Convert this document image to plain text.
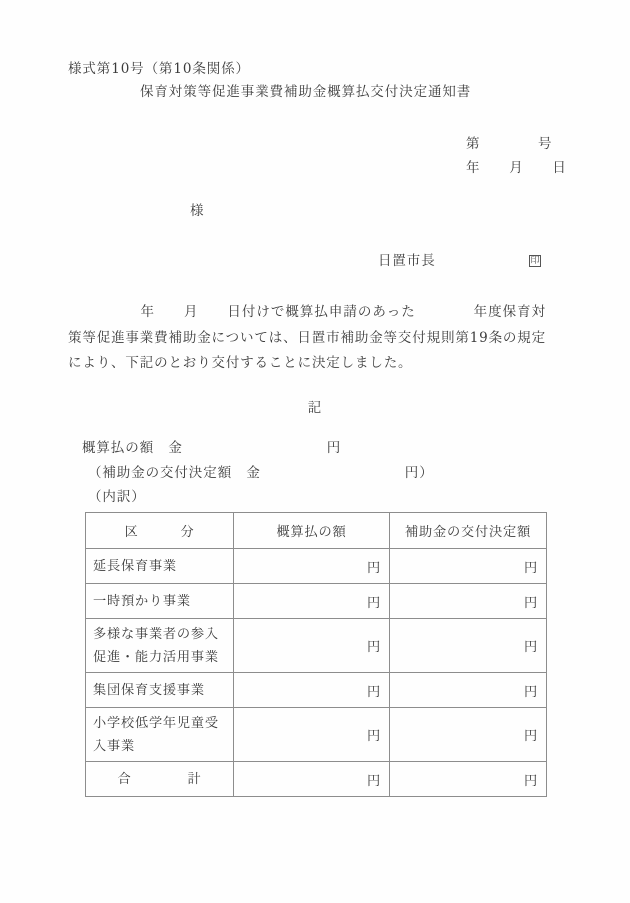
様式第10号（第10条関係）
保育対策等促進事業費補助金概算払交付決定通知書
第　　　　号
年　　月　　日
様
日置市長	印
　　　　　年　　月　　日付けで概算払申請のあった　　　　年度保育対策等促進事業費補助金については、日置市補助金等交付規則第19条の規定により、下記のとおり交付することに決定しました。
記
概算払の額　金　　　　　　　　　　円
（補助金の交付決定額　金　　　　　　　　　　円）
（内訳）
区　　　分	概算払の額	補助金の交付決定額
延長保育事業	円	円
一時預かり事業	円	円
多様な事業者の参入
促進・能力活用事業	円	円
集団保育支援事業	円	円
小学校低学年児童受
入事業	円	円
合　　　　計	円	円
